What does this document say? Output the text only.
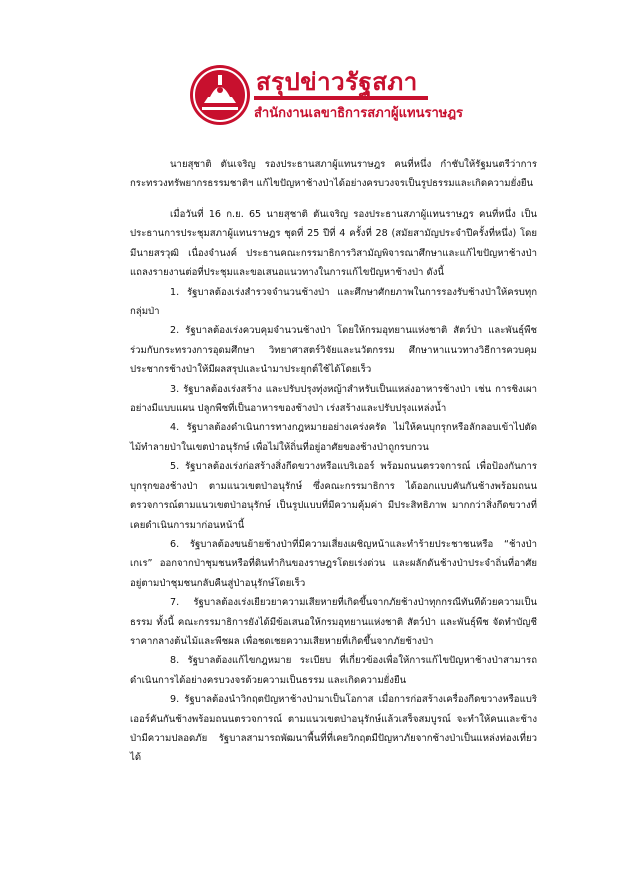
สรุปข่าวรัฐสภา
สำนักงานเลขาธิการสภาผู้แทนราษฎร

นายสุชาติ ตันเจริญ รองประธานสภาผู้แทนราษฎร คนที่หนึ่ง กำชับให้รัฐมนตรีว่าการกระทรวงทรัพยากรธรรมชาติฯ แก้ไขปัญหาช้างป่าได้อย่างครบวงจรเป็นรูปธรรมและเกิดความยั่งยืน

เมื่อวันที่ 16 ก.ย. 65 นายสุชาติ ตันเจริญ รองประธานสภาผู้แทนราษฎร คนที่หนึ่ง เป็นประธานการประชุมสภาผู้แทนราษฎร ชุดที่ 25 ปีที่ 4 ครั้งที่ 28 (สมัยสามัญประจำปีครั้งที่หนึ่ง) โดยมีนายสรวุฒิ เนื่องจำนงค์ ประธานคณะกรรมาธิการวิสามัญพิจารณาศึกษาและแก้ไขปัญหาช้างป่า แถลงรายงานต่อที่ประชุมและขอเสนอแนวทางในการแก้ไขปัญหาช้างป่า ดังนี้

1. รัฐบาลต้องเร่งสำรวจจำนวนช้างป่า และศึกษาศักยภาพในการรองรับช้างป่าให้ครบทุกกลุ่มป่า

2. รัฐบาลต้องเร่งควบคุมจำนวนช้างป่า โดยให้กรมอุทยานแห่งชาติ สัตว์ป่า และพันธุ์พืช ร่วมกับกระทรวงการอุดมศึกษา วิทยาศาสตร์วิจัยและนวัตกรรม ศึกษาหาแนวทางวิธีการควบคุมประชากรช้างป่าให้มีผลสรุปและนำมาประยุกต์ใช้ได้โดยเร็ว

3. รัฐบาลต้องเร่งสร้าง และปรับปรุงทุ่งหญ้าสำหรับเป็นแหล่งอาหารช้างป่า เช่น การชิงเผาอย่างมีแบบแผน ปลูกพืชที่เป็นอาหารของช้างป่า เร่งสร้างและปรับปรุงแหล่งน้ำ

4. รัฐบาลต้องดำเนินการทางกฎหมายอย่างเคร่งครัด ไม่ให้คนบุกรุกหรือลักลอบเข้าไปตัดไม้ทำลายป่าในเขตป่าอนุรักษ์ เพื่อไม่ให้ถิ่นที่อยู่อาศัยของช้างป่าถูกรบกวน

5. รัฐบาลต้องเร่งก่อสร้างสิ่งกีดขวางหรือแบริเออร์ พร้อมถนนตรวจการณ์ เพื่อป้องกันการบุกรุกของช้างป่า ตามแนวเขตป่าอนุรักษ์ ซึ่งคณะกรรมาธิการ ได้ออกแบบคันกันช้างพร้อมถนนตรวจการณ์ตามแนวเขตป่าอนุรักษ์ เป็นรูปแบบที่มีความคุ้มค่า มีประสิทธิภาพ มากกว่าสิ่งกีดขวางที่เคยดำเนินการมาก่อนหน้านี้

6. รัฐบาลต้องขนย้ายช้างป่าที่มีความเสี่ยงเผชิญหน้าและทำร้ายประชาชนหรือ “ช้างป่าเกเร” ออกจากป่าชุมชนหรือที่ดินทำกินของราษฎรโดยเร่งด่วน และผลักดันช้างป่าประจำถิ่นที่อาศัยอยู่ตามป่าชุมชนกลับคืนสู่ป่าอนุรักษ์โดยเร็ว

7. รัฐบาลต้องเร่งเยียวยาความเสียหายที่เกิดขึ้นจากภัยช้างป่าทุกกรณีทันทีด้วยความเป็นธรรม ทั้งนี้ คณะกรรมาธิการยังได้มีข้อเสนอให้กรมอุทยานแห่งชาติ สัตว์ป่า และพันธุ์พืช จัดทำบัญชีราคากลางต้นไม้และพืชผล เพื่อชดเชยความเสียหายที่เกิดขึ้นจากภัยช้างป่า

8. รัฐบาลต้องแก้ไขกฎหมาย ระเบียบ ที่เกี่ยวข้องเพื่อให้การแก้ไขปัญหาช้างป่าสามารถดำเนินการได้อย่างครบวงจรด้วยความเป็นธรรม และเกิดความยั่งยืน

9. รัฐบาลต้องนำวิกฤตปัญหาช้างป่ามาเป็นโอกาส เมื่อการก่อสร้างเครื่องกีดขวางหรือแบริเออร์คันกันช้างพร้อมถนนตรวจการณ์ ตามแนวเขตป่าอนุรักษ์แล้วเสร็จสมบูรณ์ จะทำให้คนและช้างป่ามีความปลอดภัย รัฐบาลสามารถพัฒนาพื้นที่ที่เคยวิกฤตมีปัญหาภัยจากช้างป่าเป็นแหล่งท่องเที่ยวได้
